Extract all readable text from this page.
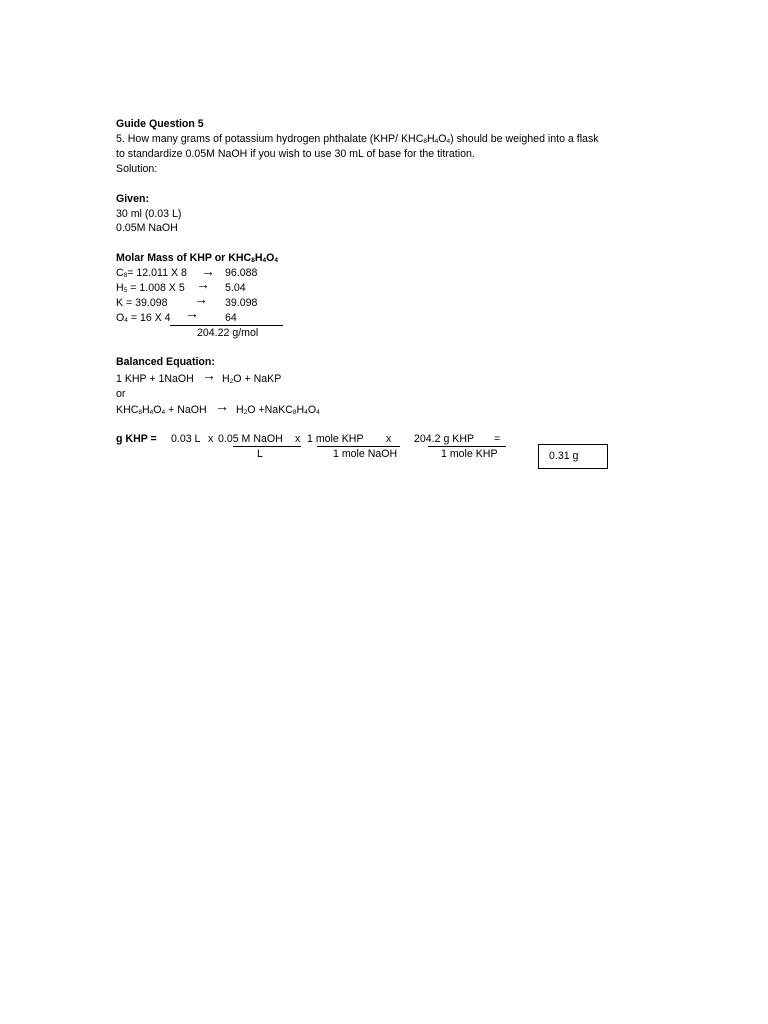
Guide Question 5
5. How many grams of potassium hydrogen phthalate (KHP/ $KHC_8H_4O_4$) should be weighed into a flask
to standardize 0.05M NaOH if you wish to use 30 mL of base for the titration.
Solution:
Given:
30 ml (0.03 L)
0.05M NaOH
Molar Mass of KHP or $KHC_8H_4O_4$
$C_8= 12.011$ X 8 → 96.088
$H_5 = 1.008$ X 5 → 5.04
K = 39.098 → 39.098
$O_4 = 16$ X 4 → 64
204.22 g/mol
Balanced Equation:
1 KHP + 1NaOH → $H_2O$ + NaKP
or
$KHC_8H_4O_4$ + NaOH → $H_2O$ $+NaKC_8H_4O_4$
g KHP = 0.03 L x 0.05 M NaOH x 1 mole KHP x 204.2 g KHP =
L	1 mole NaOH	1 mole KHP	0.31 g
